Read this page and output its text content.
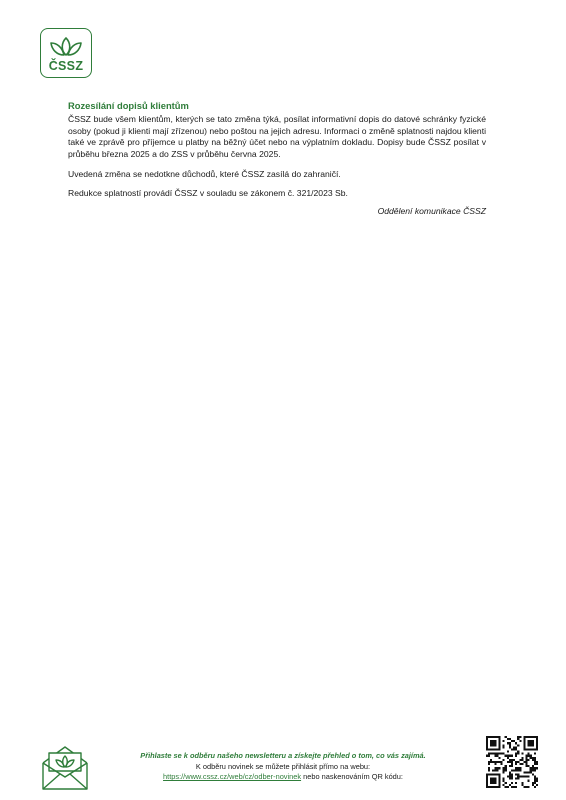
ČSSZ

Rozesílání dopisů klientům

ČSSZ bude všem klientům, kterých se tato změna týká, posílat informativní dopis do datové schránky fyzické osoby (pokud ji klienti mají zřízenou) nebo poštou na jejich adresu. Informaci o změně splatnosti najdou klienti také ve zprávě pro příjemce u platby na běžný účet nebo na výplatním dokladu. Dopisy bude ČSSZ posílat v průběhu března 2025 a do ZSS v průběhu června 2025.

Uvedená změna se nedotkne důchodů, které ČSSZ zasílá do zahraničí.

Redukce splatností provádí ČSSZ v souladu se zákonem č. 321/2023 Sb.

Oddělení komunikace ČSSZ

Přihlaste se k odběru našeho newsletteru a získejte přehled o tom, co vás zajímá.
K odběru novinek se můžete přihlásit přímo na webu:
https://www.cssz.cz/web/cz/odber-novinek nebo naskenováním QR kódu:
